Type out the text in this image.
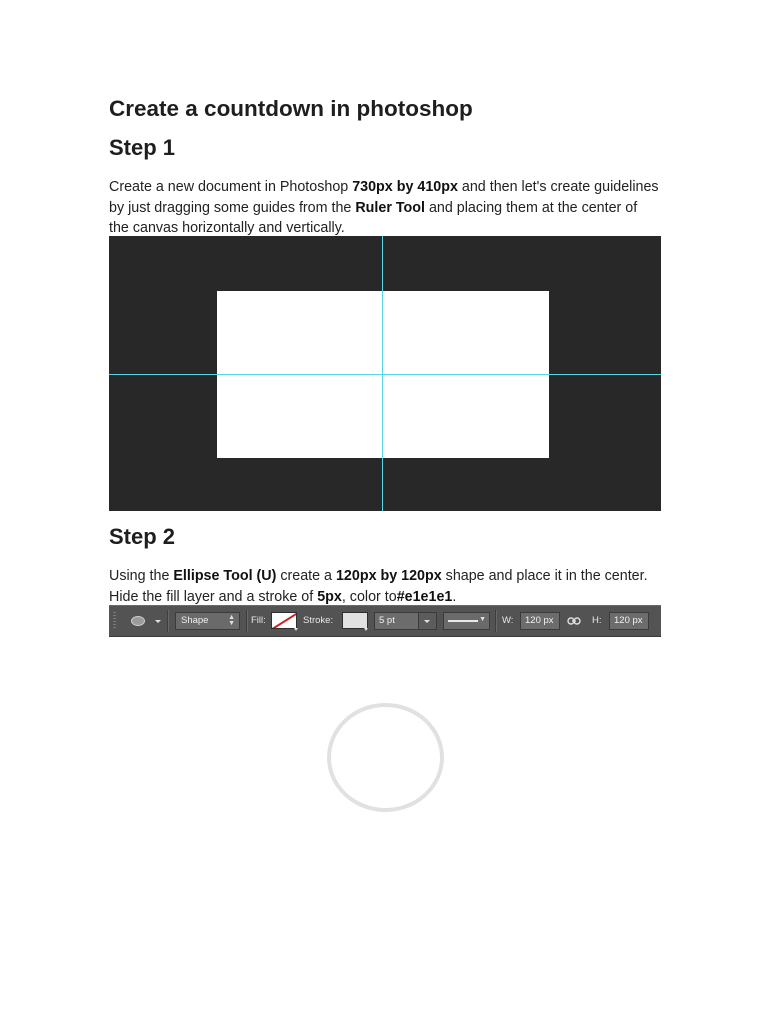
Create a countdown in photoshop
Step 1

Create a new document in Photoshop 730px by 410px and then let's create guidelines by just dragging some guides from the Ruler Tool and placing them at the center of the canvas horizontally and vertically.

Step 2

Using the Ellipse Tool (U) create a 120px by 120px shape and place it in the center. Hide the fill layer and a stroke of 5px, color to#e1e1e1.

Shape	▲
▼ Fill:	Stroke:	5 pt	▼ W:	120 px	H:	120 px
